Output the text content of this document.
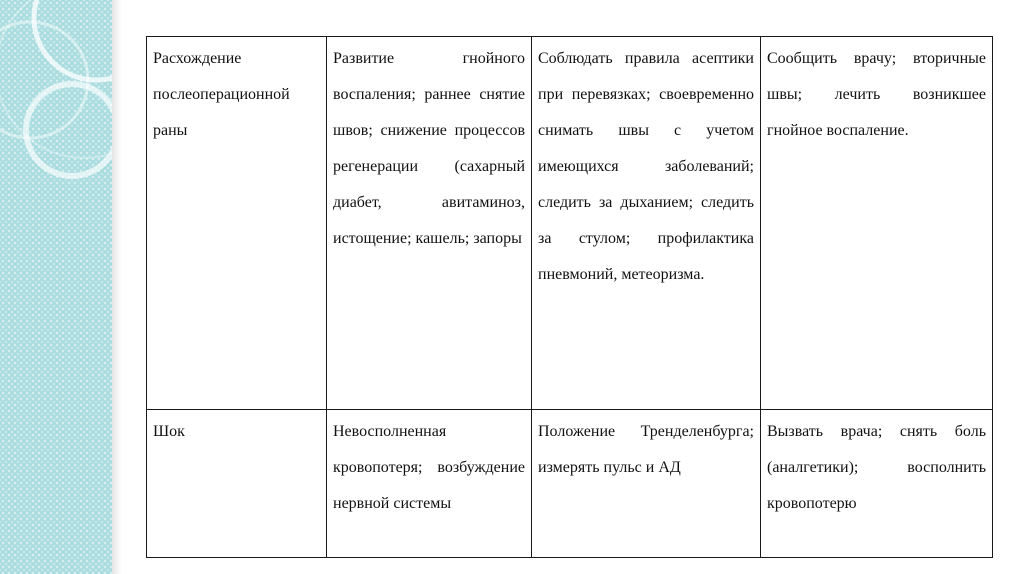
Расхождение послеоперационной раны	Развитие гнойного воспаления; раннее снятие швов; снижение процессов регенерации (сахарный диабет, авитаминоз, истощение; кашель; запоры	Соблюдать правила асептики при перевязках; своевременно снимать швы с учетом имеющихся заболеваний; следить за дыханием; следить за стулом; профилактика пневмоний, метеоризма.	Сообщить врачу; вторичные швы; лечить возникшее гнойное воспаление.
Шок	Невосполненная кровопотеря; возбуждение нервной системы	Положение Тренделенбурга; измерять пульс и АД	Вызвать врача; снять боль (аналгетики); восполнить кровопотерю
